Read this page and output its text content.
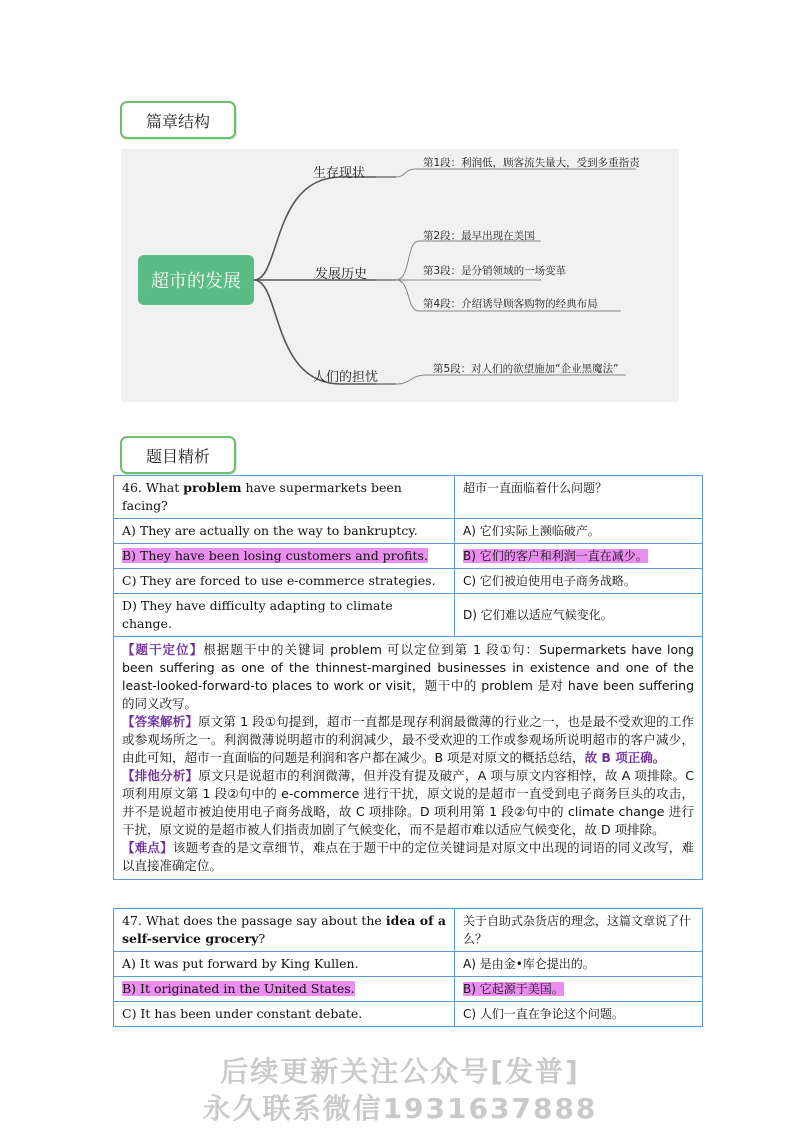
篇章结构
超市的发展
生存现状
第1段：利润低，顾客流失量大，受到多重指责
发展历史
第2段：最早出现在美国
第3段：是分销领域的一场变革
第4段：介绍诱导顾客购物的经典布局
人们的担忧
第5段：对人们的欲望施加“企业黑魔法”
题目精析
46. What problem have supermarkets been facing?	超市一直面临着什么问题？
A) They are actually on the way to bankruptcy.	A) 它们实际上濒临破产。
B) They have been losing customers and profits.	B) 它们的客户和利润一直在减少。
C) They are forced to use e-commerce strategies.	C) 它们被迫使用电子商务战略。
D) They have difficulty adapting to climate change.	D) 它们难以适应气候变化。

【题干定位】根据题干中的关键词 problem 可以定位到第 1 段①句：Supermarkets have long been suffering as one of the thinnest-margined businesses in existence and one of the least-looked-forward-to places to work or visit，题干中的 problem 是对 have been suffering 的同义改写。
【答案解析】原文第 1 段①句提到，超市一直都是现存利润最微薄的行业之一，也是最不受欢迎的工作或参观场所之一。利润微薄说明超市的利润减少，最不受欢迎的工作或参观场所说明超市的客户减少，由此可知，超市一直面临的问题是利润和客户都在减少。B 项是对原文的概括总结，故 B 项正确。
【排他分析】原文只是说超市的利润微薄，但并没有提及破产，A 项与原文内容相悖，故 A 项排除。C 项利用原文第 1 段②句中的 e-commerce 进行干扰，原文说的是超市一直受到电子商务巨头的攻击，并不是说超市被迫使用电子商务战略，故 C 项排除。D 项利用第 1 段②句中的 climate change 进行干扰，原文说的是超市被人们指责加剧了气候变化，而不是超市难以适应气候变化，故 D 项排除。
【难点】该题考查的是文章细节，难点在于题干中的定位关键词是对原文中出现的词语的同义改写，难以直接准确定位。	
47. What does the passage say about the idea of a self-service grocery?	关于自助式杂货店的理念，这篇文章说了什么？
A) It was put forward by King Kullen.	A) 是由金•库仑提出的。
B) It originated in the United States.	B) 它起源于美国。
C) It has been under constant debate.	C) 人们一直在争论这个问题。
后续更新关注公众号[发普]
永久联系微信1931637888
